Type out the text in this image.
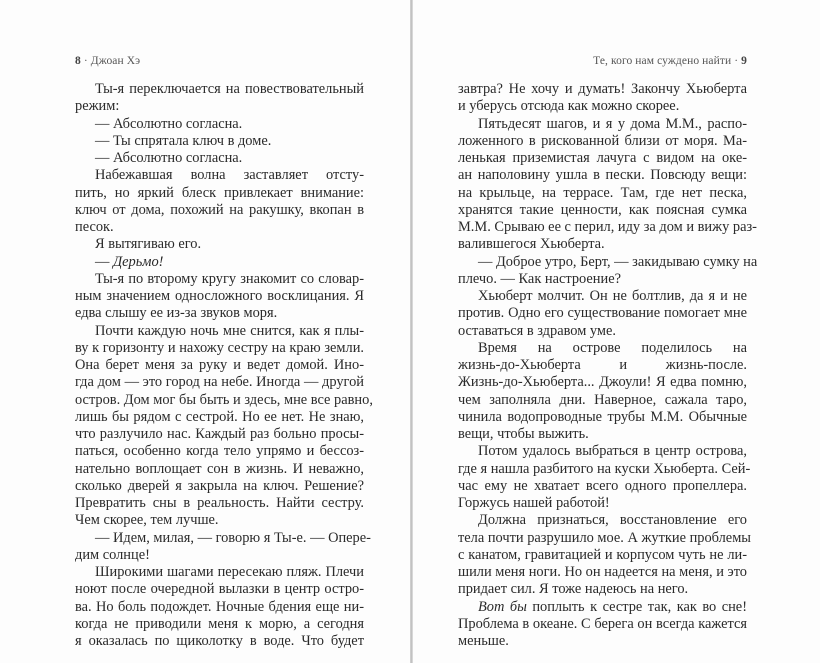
8 · Джоан Хэ
Ты-я переключается на повествовательный
режим:
— Абсолютно согласна.
— Ты спрятала ключ в доме.
— Абсолютно согласна.
Набежавшая волна заставляет отсту-
пить, но яркий блеск привлекает внимание:
ключ от дома, похожий на ракушку, вкопан в
песок.
Я вытягиваю его.
— Дерьмо!
Ты-я по второму кругу знакомит со словар-
ным значением односложного восклицания. Я
едва слышу ее из-за звуков моря.
Почти каждую ночь мне снится, как я плы-
ву к горизонту и нахожу сестру на краю земли.
Она берет меня за руку и ведет домой. Ино-
гда дом — это город на небе. Иногда — другой
остров. Дом мог бы быть и здесь, мне все равно,
лишь бы рядом с сестрой. Но ее нет. Не знаю,
что разлучило нас. Каждый раз больно просы-
паться, особенно когда тело упрямо и бессоз-
нательно воплощает сон в жизнь. И неважно,
сколько дверей я закрыла на ключ. Решение?
Превратить сны в реальность. Найти сестру.
Чем скорее, тем лучше.
— Идем, милая, — говорю я Ты-е. — Опере-
дим солнце!
Широкими шагами пересекаю пляж. Плечи
ноют после очередной вылазки в центр остро-
ва. Но боль подождет. Ночные бдения еще ни-
когда не приводили меня к морю, а сегодня
я оказалась по щиколотку в воде. Что будет
Те, кого нам суждено найти · 9
завтра? Не хочу и думать! Закончу Хьюберта
и уберусь отсюда как можно скорее.
Пятьдесят шагов, и я у дома М.М., распо-
ложенного в рискованной близи от моря. Ма-
ленькая приземистая лачуга с видом на оке-
ан наполовину ушла в пески. Повсюду вещи:
на крыльце, на террасе. Там, где нет песка,
хранятся такие ценности, как поясная сумка
М.М. Срываю ее с перил, иду за дом и вижу раз-
валившегося Хьюберта.
— Доброе утро, Берт, — закидываю сумку на
плечо. — Как настроение?
Хьюберт молчит. Он не болтлив, да я и не
против. Одно его существование помогает мне
оставаться в здравом уме.
Время на острове поделилось на
жизнь-до-Хьюберта и жизнь-после.
Жизнь-до-Хьюберта... Джоули! Я едва помню,
чем заполняла дни. Наверное, сажала таро,
чинила водопроводные трубы М.М. Обычные
вещи, чтобы выжить.
Потом удалось выбраться в центр острова,
где я нашла разбитого на куски Хьюберта. Сей-
час ему не хватает всего одного пропеллера.
Горжусь нашей работой!
Должна признаться, восстановление его
тела почти разрушило мое. А жуткие проблемы
с канатом, гравитацией и корпусом чуть не ли-
шили меня ноги. Но он надеется на меня, и это
придает сил. Я тоже надеюсь на него.
Вот бы поплыть к сестре так, как во сне!
Проблема в океане. С берега он всегда кажется
меньше.
